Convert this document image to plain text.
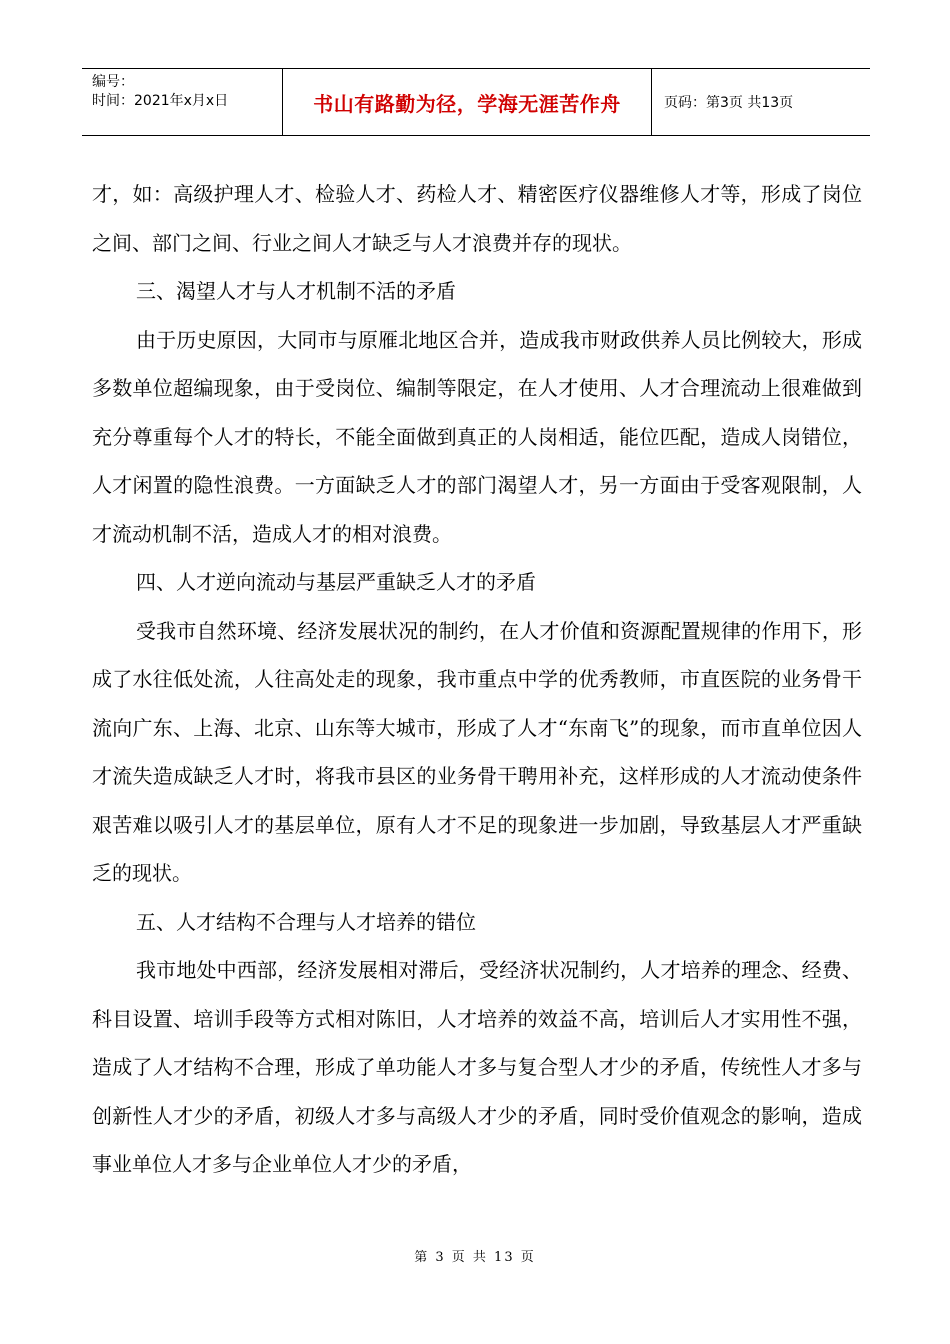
编号：
时间：2021年x月x日	书山有路勤为径，学海无涯苦作舟	页码：第3页 共13页

才，如：高级护理人才、检验人才、药检人才、精密医疗仪器维修人才等，形成了岗位之间、部门之间、行业之间人才缺乏与人才浪费并存的现状。

三、渴望人才与人才机制不活的矛盾

由于历史原因，大同市与原雁北地区合并，造成我市财政供养人员比例较大，形成多数单位超编现象，由于受岗位、编制等限定，在人才使用、人才合理流动上很难做到充分尊重每个人才的特长，不能全面做到真正的人岗相适，能位匹配，造成人岗错位，人才闲置的隐性浪费。一方面缺乏人才的部门渴望人才，另一方面由于受客观限制，人才流动机制不活，造成人才的相对浪费。

四、人才逆向流动与基层严重缺乏人才的矛盾

受我市自然环境、经济发展状况的制约，在人才价值和资源配置规律的作用下，形成了水往低处流，人往高处走的现象，我市重点中学的优秀教师，市直医院的业务骨干流向广东、上海、北京、山东等大城市，形成了人才“东南飞”的现象，而市直单位因人才流失造成缺乏人才时，将我市县区的业务骨干聘用补充，这样形成的人才流动使条件艰苦难以吸引人才的基层单位，原有人才不足的现象进一步加剧，导致基层人才严重缺乏的现状。

五、人才结构不合理与人才培养的错位

我市地处中西部，经济发展相对滞后，受经济状况制约，人才培养的理念、经费、科目设置、培训手段等方式相对陈旧，人才培养的效益不高，培训后人才实用性不强，造成了人才结构不合理，形成了单功能人才多与复合型人才少的矛盾，传统性人才多与创新性人才少的矛盾，初级人才多与高级人才少的矛盾，同时受价值观念的影响，造成事业单位人才多与企业单位人才少的矛盾，

第 3 页 共 13 页
